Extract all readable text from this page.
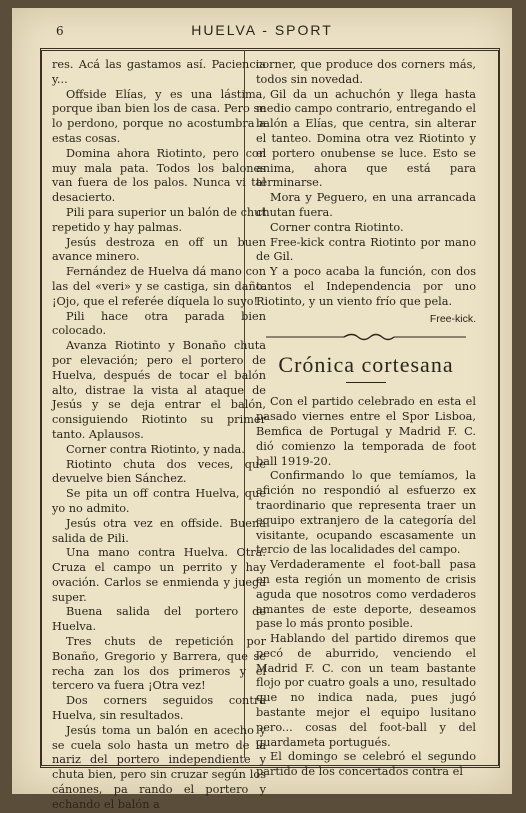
6	HUELVA - SPORT

res. Acá las gastamos así. Paciencia y...

Offside Elías, y es una lástima, porque iban bien los de casa. Pero se lo perdono, porque no acostumbra a estas cosas.

Domina ahora Riotinto, pero con muy mala pata. Todos los balones van fuera de los palos. Nunca vi tal desacierto.

Pili para superior un balón de chut repetido y hay palmas.

Jesús destroza en off un buen avance minero.

Fernández de Huelva dá mano con las del «veri» y se castiga, sin daño. ¡Ojo, que el referée díquela lo suyo!

Pili hace otra parada bien colocado.

Avanza Riotinto y Bonaño chuta por elevación; pero el portero de Huelva, después de tocar el balón alto, distrae la vista al ataque de Jesús y se deja entrar el balón, consiguiendo Riotinto su primer tanto. Aplausos.

Corner contra Riotinto, y nada.

Riotinto chuta dos veces, que devuelve bien Sánchez.

Se pita un off contra Huelva, que yo no admito.

Jesús otra vez en offside. Buena salida de Pili.

Una mano contra Huelva. Otra. Cruza el campo un perrito y hay ovación. Carlos se enmienda y juega super.

Buena salida del portero de Huelva.

Tres chuts de repetición por Bonaño, Gregorio y Barrera, que se recha zan los dos primeros y el tercero va fuera ¡Otra vez!

Dos corners seguidos contra Huelva, sin resultados.

Jesús toma un balón en acecho y se cuela solo hasta un metro de la nariz del portero independiente y chuta bien, pero sin cruzar según los cánones, pa rando el portero y echando el balón a

corner, que produce dos corners más, todos sin novedad.

Gil da un achuchón y llega hasta medio campo contrario, entregando el balón a Elías, que centra, sin alterar el tanteo. Domina otra vez Riotinto y el portero onubense se luce. Esto se anima, ahora que está para terminarse.

Mora y Peguero, en una arrancada chutan fuera.

Corner contra Riotinto.

Free-kick contra Riotinto por mano de Gil.

Y a poco acaba la función, con dos tantos el Independencia por uno Riotinto, y un viento frío que pela.

Free-kick.
Crónica cortesana

Con el partido celebrado en esta el pasado viernes entre el Spor Lisboa, Bemfica de Portugal y Madrid F. C. dió comienzo la temporada de foot ball 1919-20.

Confirmando lo que temíamos, la afición no respondió al esfuerzo ex traordinario que representa traer un equipo extranjero de la categoría del visitante, ocupando escasamente un tercio de las localidades del campo.

Verdaderamente el foot-ball pasa en esta región un momento de crisis aguda que nosotros como verdaderos amantes de este deporte, deseamos pase lo más pronto posible.

Hablando del partido diremos que pecó de aburrido, venciendo el Madrid F. C. con un team bastante flojo por cuatro goals a uno, resultado que no indica nada, pues jugó bastante mejor el equipo lusitano pero... cosas del foot-ball y del guardameta portugués.

El domingo se celebró el segundo partido de los concertados contra el
